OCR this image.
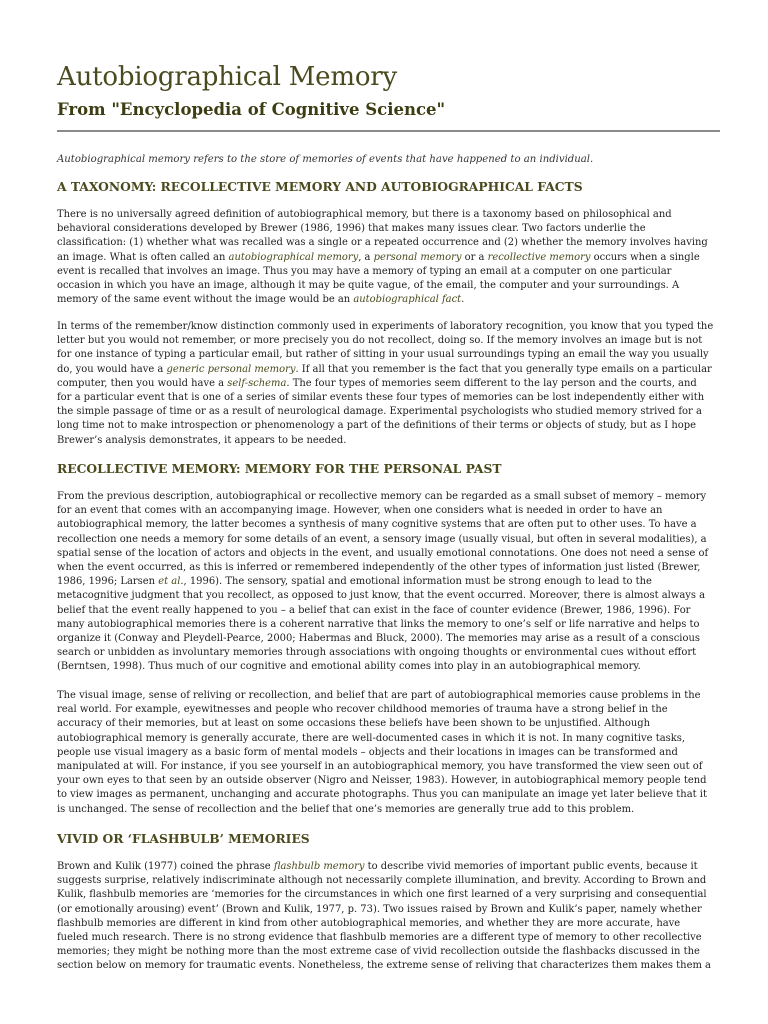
Autobiographical Memory
From "Encyclopedia of Cognitive Science"

Autobiographical memory refers to the store of memories of events that have happened to an individual.

A TAXONOMY: RECOLLECTIVE MEMORY AND AUTOBIOGRAPHICAL FACTS
There is no universally agreed definition of autobiographical memory, but there is a taxonomy based on philosophical and
behavioral considerations developed by Brewer (1986, 1996) that makes many issues clear. Two factors underlie the
classification: (1) whether what was recalled was a single or a repeated occurrence and (2) whether the memory involves having
an image. What is often called an autobiographical memory, a personal memory or a recollective memory occurs when a single
event is recalled that involves an image. Thus you may have a memory of typing an email at a computer on one particular
occasion in which you have an image, although it may be quite vague, of the email, the computer and your surroundings. A
memory of the same event without the image would be an autobiographical fact.
In terms of the remember/know distinction commonly used in experiments of laboratory recognition, you know that you typed the
letter but you would not remember, or more precisely you do not recollect, doing so. If the memory involves an image but is not
for one instance of typing a particular email, but rather of sitting in your usual surroundings typing an email the way you usually
do, you would have a generic personal memory. If all that you remember is the fact that you generally type emails on a particular
computer, then you would have a self-schema. The four types of memories seem different to the lay person and the courts, and
for a particular event that is one of a series of similar events these four types of memories can be lost independently either with
the simple passage of time or as a result of neurological damage. Experimental psychologists who studied memory strived for a
long time not to make introspection or phenomenology a part of the definitions of their terms or objects of study, but as I hope
Brewer’s analysis demonstrates, it appears to be needed.
RECOLLECTIVE MEMORY: MEMORY FOR THE PERSONAL PAST
From the previous description, autobiographical or recollective memory can be regarded as a small subset of memory – memory
for an event that comes with an accompanying image. However, when one considers what is needed in order to have an
autobiographical memory, the latter becomes a synthesis of many cognitive systems that are often put to other uses. To have a
recollection one needs a memory for some details of an event, a sensory image (usually visual, but often in several modalities), a
spatial sense of the location of actors and objects in the event, and usually emotional connotations. One does not need a sense of
when the event occurred, as this is inferred or remembered independently of the other types of information just listed (Brewer,
1986, 1996; Larsen et al., 1996). The sensory, spatial and emotional information must be strong enough to lead to the
metacognitive judgment that you recollect, as opposed to just know, that the event occurred. Moreover, there is almost always a
belief that the event really happened to you – a belief that can exist in the face of counter evidence (Brewer, 1986, 1996). For
many autobiographical memories there is a coherent narrative that links the memory to one’s self or life narrative and helps to
organize it (Conway and Pleydell-Pearce, 2000; Habermas and Bluck, 2000). The memories may arise as a result of a conscious
search or unbidden as involuntary memories through associations with ongoing thoughts or environmental cues without effort
(Berntsen, 1998). Thus much of our cognitive and emotional ability comes into play in an autobiographical memory.
The visual image, sense of reliving or recollection, and belief that are part of autobiographical memories cause problems in the
real world. For example, eyewitnesses and people who recover childhood memories of trauma have a strong belief in the
accuracy of their memories, but at least on some occasions these beliefs have been shown to be unjustified. Although
autobiographical memory is generally accurate, there are well-documented cases in which it is not. In many cognitive tasks,
people use visual imagery as a basic form of mental models – objects and their locations in images can be transformed and
manipulated at will. For instance, if you see yourself in an autobiographical memory, you have transformed the view seen out of
your own eyes to that seen by an outside observer (Nigro and Neisser, 1983). However, in autobiographical memory people tend
to view images as permanent, unchanging and accurate photographs. Thus you can manipulate an image yet later believe that it
is unchanged. The sense of recollection and the belief that one’s memories are generally true add to this problem.
VIVID OR ‘FLASHBULB’ MEMORIES
Brown and Kulik (1977) coined the phrase flashbulb memory to describe vivid memories of important public events, because it
suggests surprise, relatively indiscriminate although not necessarily complete illumination, and brevity. According to Brown and
Kulik, flashbulb memories are ‘memories for the circumstances in which one first learned of a very surprising and consequential
(or emotionally arousing) event’ (Brown and Kulik, 1977, p. 73). Two issues raised by Brown and Kulik’s paper, namely whether
flashbulb memories are different in kind from other autobiographical memories, and whether they are more accurate, have
fueled much research. There is no strong evidence that flashbulb memories are a different type of memory to other recollective
memories; they might be nothing more than the most extreme case of vivid recollection outside the flashbacks discussed in the
section below on memory for traumatic events. Nonetheless, the extreme sense of reliving that characterizes them makes them a
